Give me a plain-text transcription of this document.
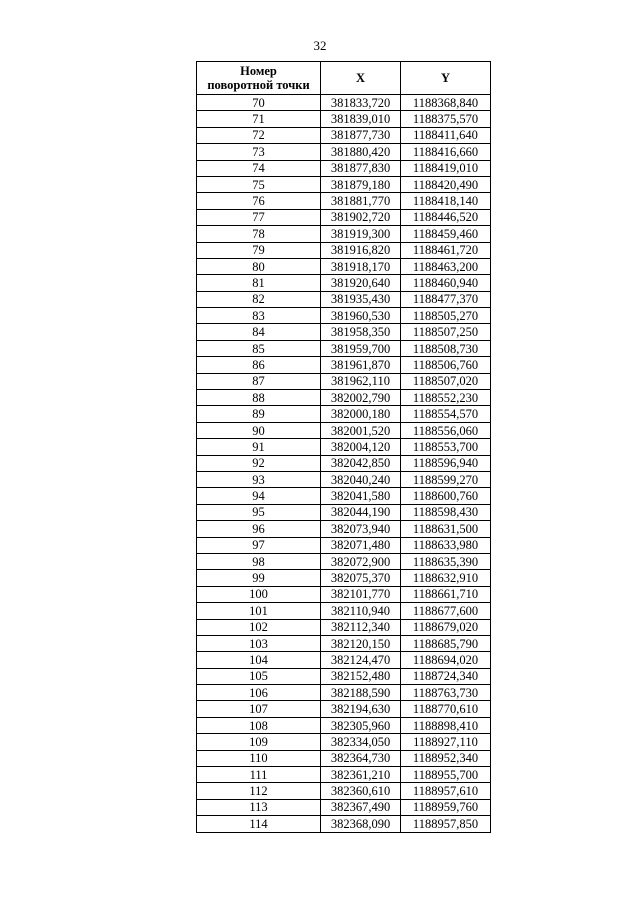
32
Номер
поворотной точки	X	Y
70	381833,720	1188368,840
71	381839,010	1188375,570
72	381877,730	1188411,640
73	381880,420	1188416,660
74	381877,830	1188419,010
75	381879,180	1188420,490
76	381881,770	1188418,140
77	381902,720	1188446,520
78	381919,300	1188459,460
79	381916,820	1188461,720
80	381918,170	1188463,200
81	381920,640	1188460,940
82	381935,430	1188477,370
83	381960,530	1188505,270
84	381958,350	1188507,250
85	381959,700	1188508,730
86	381961,870	1188506,760
87	381962,110	1188507,020
88	382002,790	1188552,230
89	382000,180	1188554,570
90	382001,520	1188556,060
91	382004,120	1188553,700
92	382042,850	1188596,940
93	382040,240	1188599,270
94	382041,580	1188600,760
95	382044,190	1188598,430
96	382073,940	1188631,500
97	382071,480	1188633,980
98	382072,900	1188635,390
99	382075,370	1188632,910
100	382101,770	1188661,710
101	382110,940	1188677,600
102	382112,340	1188679,020
103	382120,150	1188685,790
104	382124,470	1188694,020
105	382152,480	1188724,340
106	382188,590	1188763,730
107	382194,630	1188770,610
108	382305,960	1188898,410
109	382334,050	1188927,110
110	382364,730	1188952,340
111	382361,210	1188955,700
112	382360,610	1188957,610
113	382367,490	1188959,760
114	382368,090	1188957,850
